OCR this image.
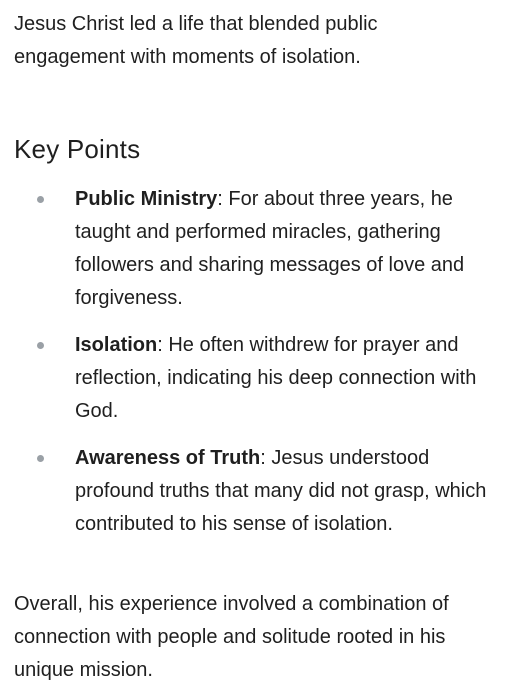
Jesus Christ led a life that blended public engagement with moments of isolation.

Key Points
Public Ministry: For about three years, he taught and performed miracles, gathering followers and sharing messages of love and forgiveness.
Isolation: He often withdrew for prayer and reflection, indicating his deep connection with God.
Awareness of Truth: Jesus understood profound truths that many did not grasp, which contributed to his sense of isolation.

Overall, his experience involved a combination of connection with people and solitude rooted in his unique mission.
